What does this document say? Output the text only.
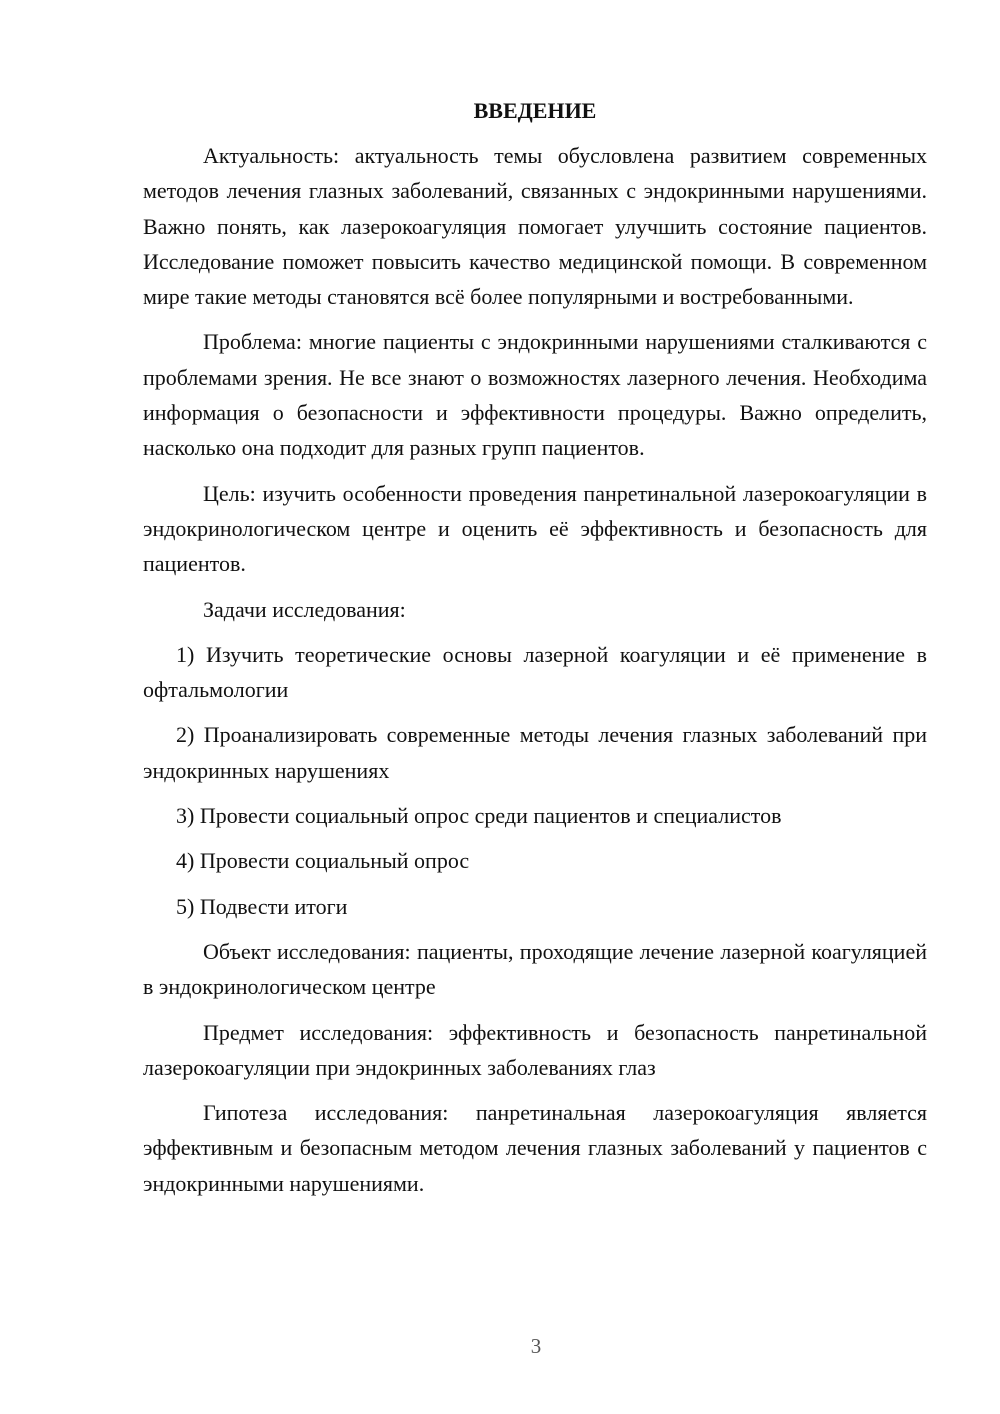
ВВЕДЕНИЕ

Актуальность: актуальность темы обусловлена развитием современных методов лечения глазных заболеваний, связанных с эндокринными нарушениями. Важно понять, как лазерокоагуляция помогает улучшить состояние пациентов. Исследование поможет повысить качество медицинской помощи. В современном мире такие методы становятся всё более популярными и востребованными.

Проблема: многие пациенты с эндокринными нарушениями сталкиваются с проблемами зрения. Не все знают о возможностях лазерного лечения. Необходима информация о безопасности и эффективности процедуры. Важно определить, насколько она подходит для разных групп пациентов.

Цель: изучить особенности проведения панретинальной лазерокоагуляции в эндокринологическом центре и оценить её эффективность и безопасность для пациентов.

Задачи исследования:

1) Изучить теоретические основы лазерной коагуляции и её применение в офтальмологии

2) Проанализировать современные методы лечения глазных заболеваний при эндокринных нарушениях

3) Провести социальный опрос среди пациентов и специалистов

4) Провести социальный опрос

5) Подвести итоги

Объект исследования: пациенты, проходящие лечение лазерной коагуляцией в эндокринологическом центре

Предмет исследования: эффективность и безопасность панретинальной лазерокоагуляции при эндокринных заболеваниях глаз

Гипотеза исследования: панретинальная лазерокоагуляция является эффективным и безопасным методом лечения глазных заболеваний у пациентов с эндокринными нарушениями.

3
